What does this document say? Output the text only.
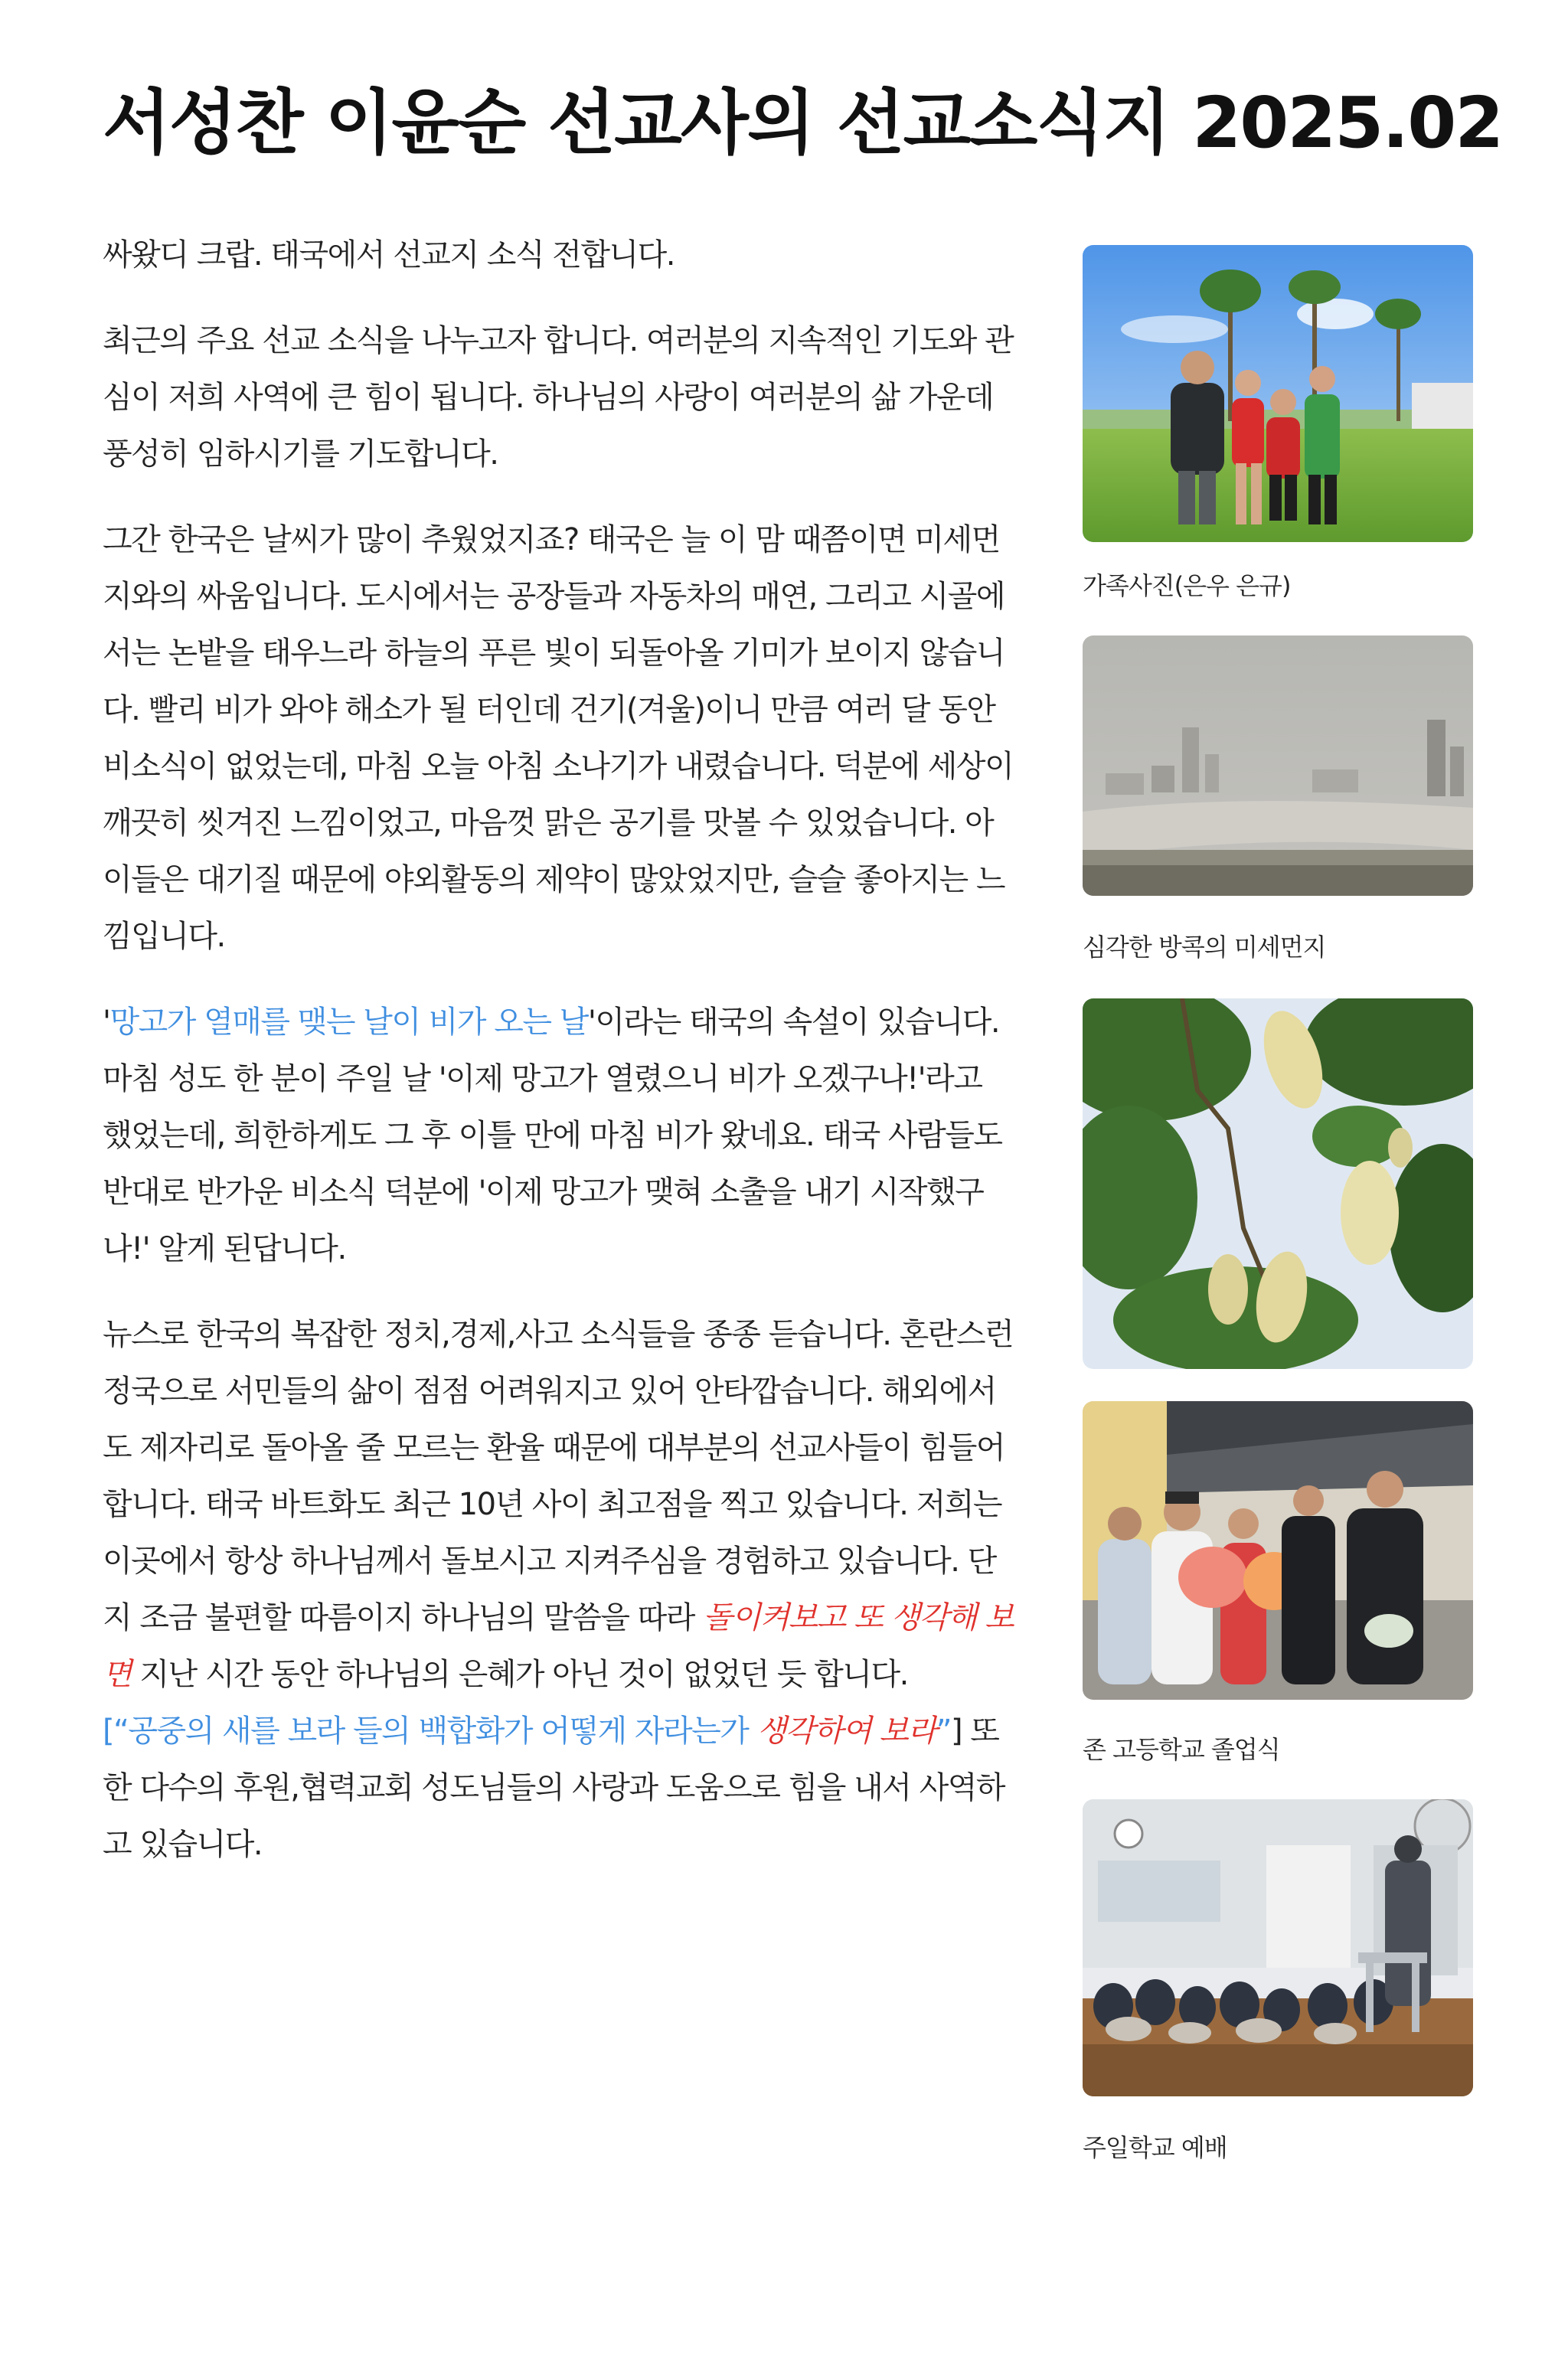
서성찬 이윤순 선교사의 선교소식지 2025.02

싸왔디 크랍. 태국에서 선교지 소식 전합니다.

최근의 주요 선교 소식을 나누고자 합니다. 여러분의 지속적인 기도와 관심이 저희 사역에 큰 힘이 됩니다. 하나님의 사랑이 여러분의 삶 가운데 풍성히 임하시기를 기도합니다.

그간 한국은 날씨가 많이 추웠었지죠? 태국은 늘 이 맘 때쯤이면 미세먼지와의 싸움입니다. 도시에서는 공장들과 자동차의 매연, 그리고 시골에서는 논밭을 태우느라 하늘의 푸른 빛이 되돌아올 기미가 보이지 않습니다. 빨리 비가 와야 해소가 될 터인데 건기(겨울)이니 만큼 여러 달 동안 비소식이 없었는데, 마침 오늘 아침 소나기가 내렸습니다. 덕분에 세상이 깨끗히 씻겨진 느낌이었고, 마음껏 맑은 공기를 맛볼 수 있었습니다. 아이들은 대기질 때문에 야외활동의 제약이 많았었지만, 슬슬 좋아지는 느낌입니다.

'망고가 열매를 맺는 날이 비가 오는 날'이라는 태국의 속설이 있습니다. 마침 성도 한 분이 주일 날 '이제 망고가 열렸으니 비가 오겠구나!'라고 했었는데, 희한하게도 그 후 이틀 만에 마침 비가 왔네요. 태국 사람들도 반대로 반가운 비소식 덕분에 '이제 망고가 맺혀 소출을 내기 시작했구나!' 알게 된답니다.

뉴스로 한국의 복잡한 정치,경제,사고 소식들을 종종 듣습니다. 혼란스런 정국으로 서민들의 삶이 점점 어려워지고 있어 안타깝습니다. 해외에서도 제자리로 돌아올 줄 모르는 환율 때문에 대부분의 선교사들이 힘들어 합니다. 태국 바트화도 최근 10년 사이 최고점을 찍고 있습니다. 저희는 이곳에서 항상 하나님께서 돌보시고 지켜주심을 경험하고 있습니다. 단지 조금 불편할 따름이지 하나님의 말씀을 따라 돌이켜보고 또 생각해 보면 지난 시간 동안 하나님의 은혜가 아닌 것이 없었던 듯 합니다.
[“공중의 새를 보라 들의 백합화가 어떻게 자라는가 생각하여 보라”] 또한 다수의 후원,협력교회 성도님들의 사랑과 도움으로 힘을 내서 사역하고 있습니다.

가족사진(은우 은규)

심각한 방콕의 미세먼지

존 고등학교 졸업식

주일학교 예배
